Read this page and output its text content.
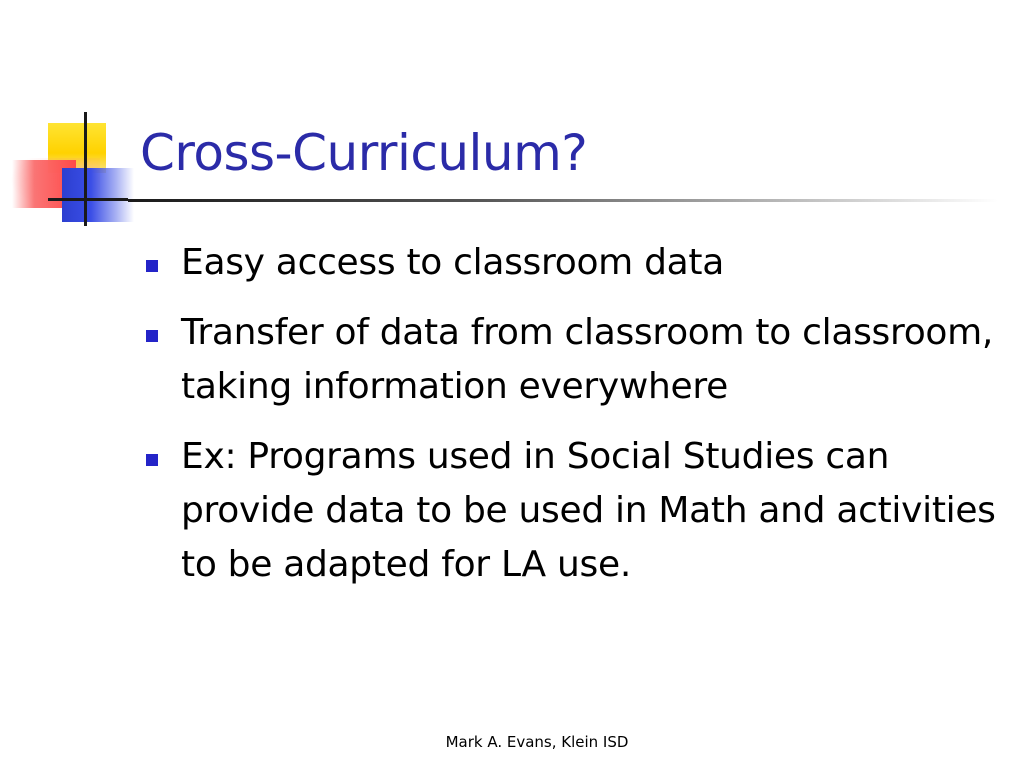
Cross-Curriculum?
Easy access to classroom data
Transfer of data from classroom to classroom, taking information everywhere
Ex: Programs used in Social Studies can provide data to be used in Math and activities to be adapted for LA use.
Mark A. Evans, Klein ISD
